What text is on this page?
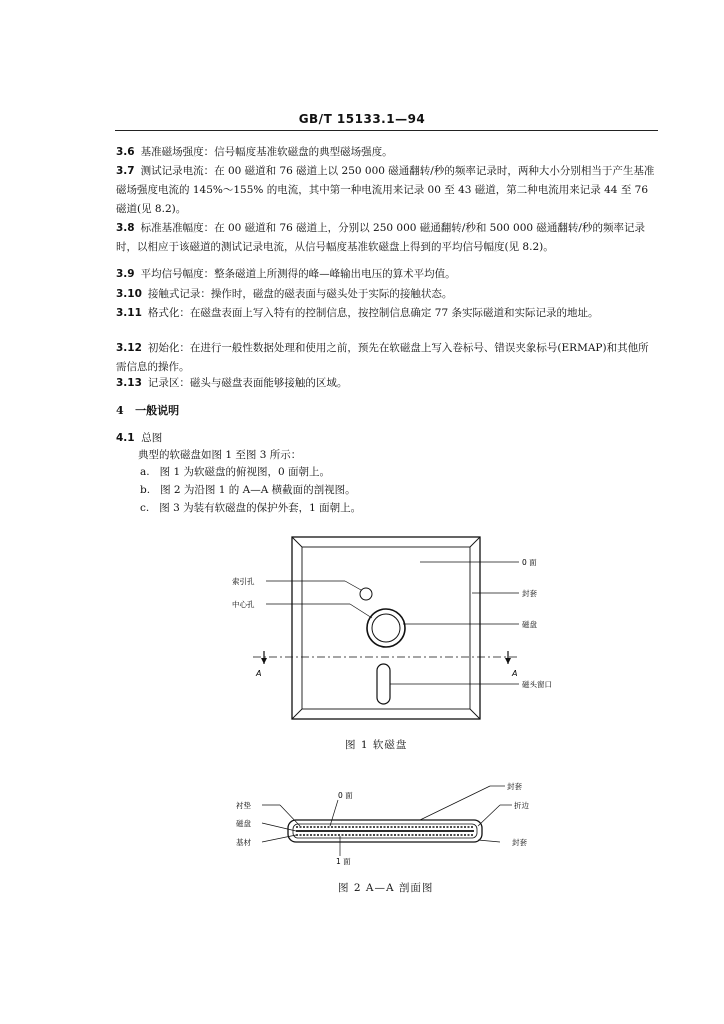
GB/T 15133.1—94

3.6 基准磁场强度：信号幅度基准软磁盘的典型磁场强度。

3.7 测试记录电流：在 00 磁道和 76 磁道上以 250 000 磁通翻转/秒的频率记录时，两种大小分别相当于产生基准磁场强度电流的 145%～155% 的电流，其中第一种电流用来记录 00 至 43 磁道，第二种电流用来记录 44 至 76 磁道(见 8.2)。

3.8 标准基准幅度：在 00 磁道和 76 磁道上，分别以 250 000 磁通翻转/秒和 500 000 磁通翻转/秒的频率记录时，以相应于该磁道的测试记录电流，从信号幅度基准软磁盘上得到的平均信号幅度(见 8.2)。

3.9 平均信号幅度：整条磁道上所测得的峰—峰输出电压的算术平均值。

3.10 接触式记录：操作时，磁盘的磁表面与磁头处于实际的接触状态。

3.11 格式化：在磁盘表面上写入特有的控制信息，按控制信息确定 77 条实际磁道和实际记录的地址。

3.12 初始化：在进行一般性数据处理和使用之前，预先在软磁盘上写入卷标号、错误夹象标号(ERMAP)和其他所需信息的操作。

3.13 记录区：磁头与磁盘表面能够接触的区域。

4 一般说明
4.1 总图

典型的软磁盘如图 1 至图 3 所示：

a. 图 1 为软磁盘的俯视图，0 面朝上。

b. 图 2 为沿图 1 的 A—A 横截面的剖视图。

c. 图 3 为装有软磁盘的保护外套，1 面朝上。

A	A
索引孔
中心孔
0 面
封套
磁盘
磁头窗口
图 1 软磁盘
衬垫
磁盘
基材
0 面
1 面
封套
折边
封套
图 2 A—A 剖面图
